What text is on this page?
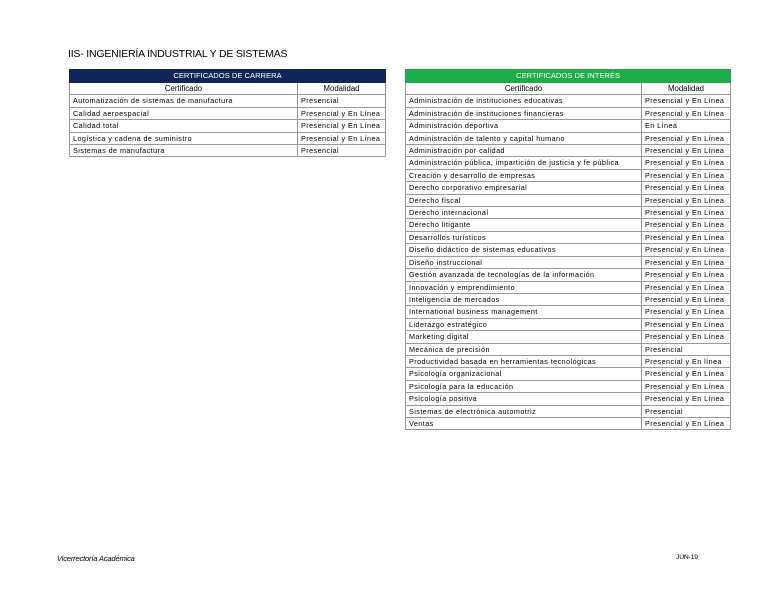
IIS- INGENIERÍA INDUSTRIAL Y DE SISTEMAS
CERTIFICADOS DE CARRERA	
Certificado	Modalidad
Automatización de sistemas de manufactura	Presencial
Calidad aeroespacial	Presencial y En Línea
Calidad total	Presencial y En Línea
Logística y cadena de suministro	Presencial y En Línea
Sistemas de manufactura	Presencial
CERTIFICADOS DE INTERÉS	
Certificado	Modalidad
Administración de instituciones educativas	Presencial y En Línea
Administración de instituciones financieras	Presencial y En Línea
Administración deportiva	En Línea
Administración de talento y capital humano	Presencial y En Línea
Administración por calidad	Presencial y En Línea
Administración pública, impartición de justicia y fe pública	Presencial y En Línea
Creación y desarrollo de empresas	Presencial y En Línea
Derecho corporativo empresarial	Presencial y En Línea
Derecho fiscal	Presencial y En Línea
Derecho internacional	Presencial y En Línea
Derecho litigante	Presencial y En Línea
Desarrollos turísticos	Presencial y En Línea
Diseño didáctico de sistemas educativos	Presencial y En Línea
Diseño instruccional	Presencial y En Línea
Gestión avanzada de tecnologías de la información	Presencial y En Línea
Innovación y emprendimiento	Presencial y En Línea
Inteligencia de mercados	Presencial y En Línea
International business management	Presencial y En Línea
Liderazgo estratégico	Presencial y En Línea
Marketing digital	Presencial y En Línea
Mecánica de precisión	Presencial
Productividad basada en herramientas tecnológicas	Presencial y En línea
Psicología organizacional	Presencial y En Línea
Psicología para la educación	Presencial y En Línea
Psicología positiva	Presencial y En Línea
Sistemas de electrónica automotriz	Presencial
Ventas	Presencial y En Línea
Vicerrectoría Académica	JUN-19
